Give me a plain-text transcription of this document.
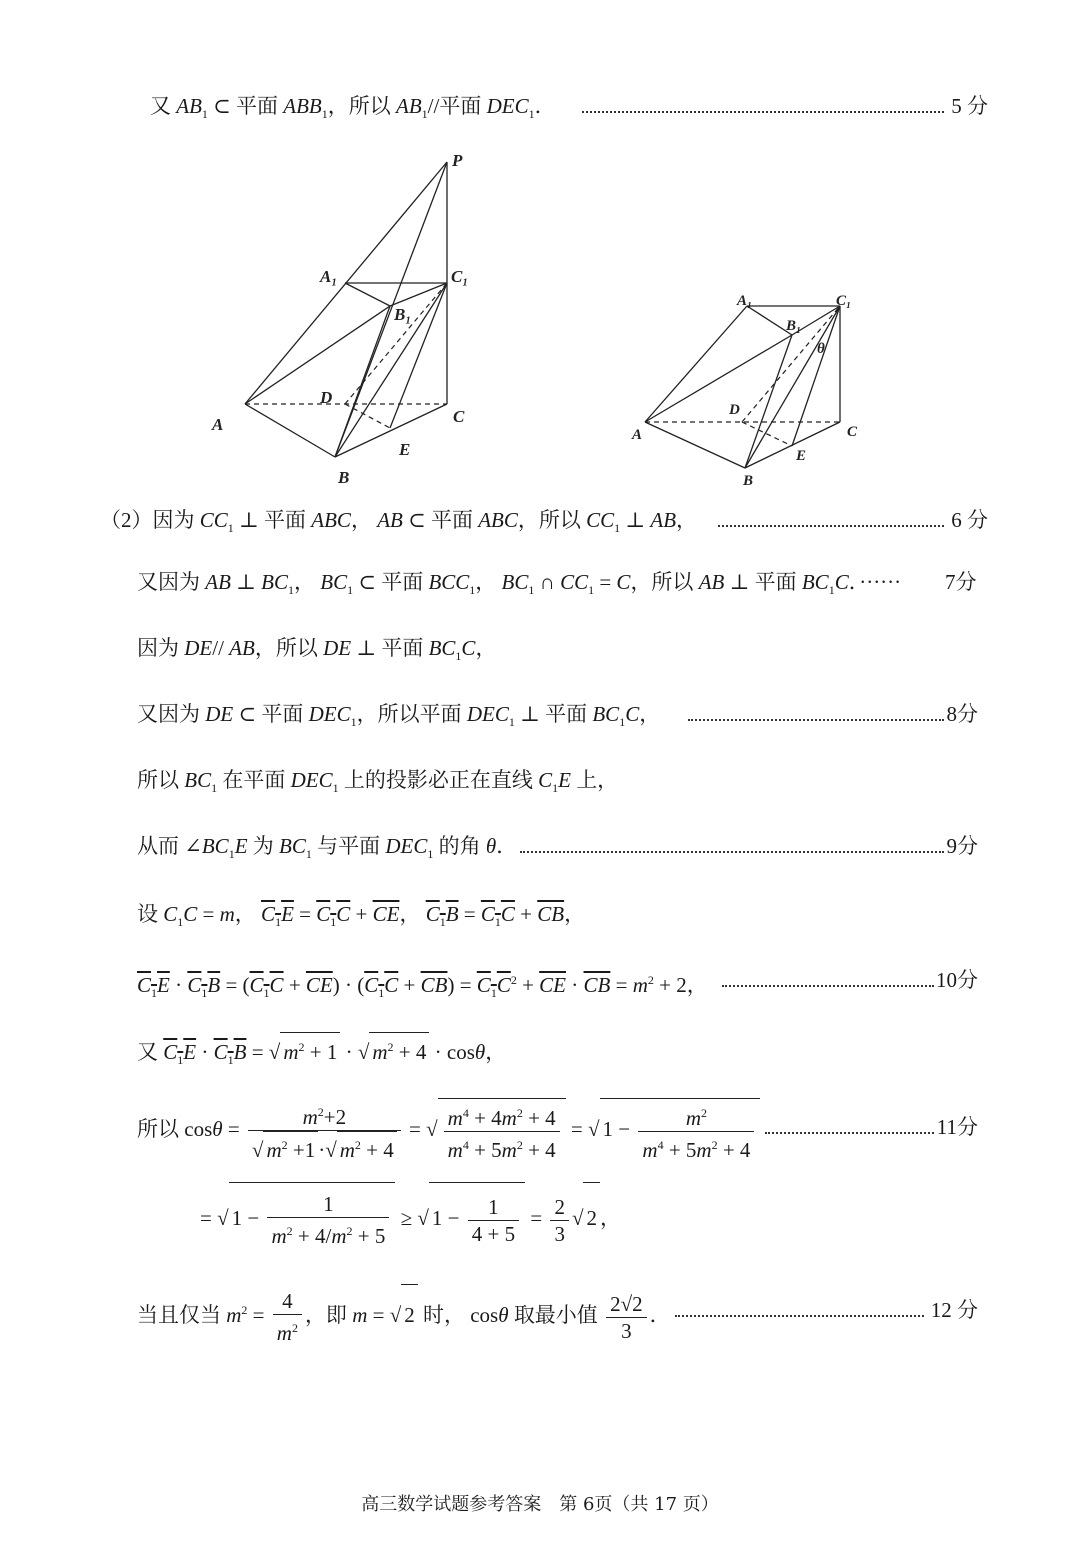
又 $AB_1$ ⊂ 平面 $ABB_1$，所以 $AB_1//$平面 $DEC_1$．	5 分
P
A₁	C₁
B₁
A
D
C
E
B
A₁	C₁
B₁
θ
A
D
C
E
B
（2）因为 $CC_1$ ⊥ 平面 ABC， AB ⊂ 平面 ABC，所以 $CC_1$ ⊥ AB，	6 分
又因为 AB ⊥ $BC_1$， $BC_1$ ⊂ 平面 $BCC_1$， $BC_1$ ∩ $CC_1 = C$，所以 AB ⊥ 平面 $BC_1C$．······ 7分
因为 DE// AB，所以 DE ⊥ 平面 $BC_1C$，
又因为 DE ⊂ 平面 $DEC_1$，所以平面 $DEC_1$ ⊥ 平面 $BC_1C$，	8分
所以 $BC_1$ 在平面 $DEC_1$ 上的投影必正在直线 $C_1E$ 上，
从而 $\angle BC_1E$ 为 $BC_1$ 与平面 $DEC_1$ 的角 θ．	9分
设 $C_1C = m$， $C_1E = C_1C + \overline{CE}$， $C_1B = C_1C + \overline{CB}$，
$C_1E \cdot C_1B = (C_1C + \overline{CE}) \cdot (C_1C + \overline{CB}) = C_1C^2 + \overline{CE} \cdot \overline{CB} = m^2 + 2$，	10分
又 $C_1E \cdot C_1B$ = √ $m^2 + 1$ · √ $m^2 + 4 \cdot \cos\theta$，
所以 $\cos\theta = \frac{m^2+2}{√ m^2 +1 \cdot√ m^2 + 4}$ = √ $\frac{m^4 + 4m^2 + 4}{m^4 + 5m^2 + 4}$ = √ $1 - \frac{m^2}{m^4 + 5m^2 + 4}$	11分
= √ $1 - \frac{1}{m^2 + 4/m^2 + 5}$ ≥ √ $1 - \frac{1}{4 + 5} = \frac{2}{3}$ √ 2 ，
当且仅当 $m^2 = \frac{4}{m^2}$ ，即 m = √ 2 时， cosθ 取最小值 $\frac{2√2}{3}$ ．	12 分
高三数学试题参考答案　第 6页（共 17 页）
